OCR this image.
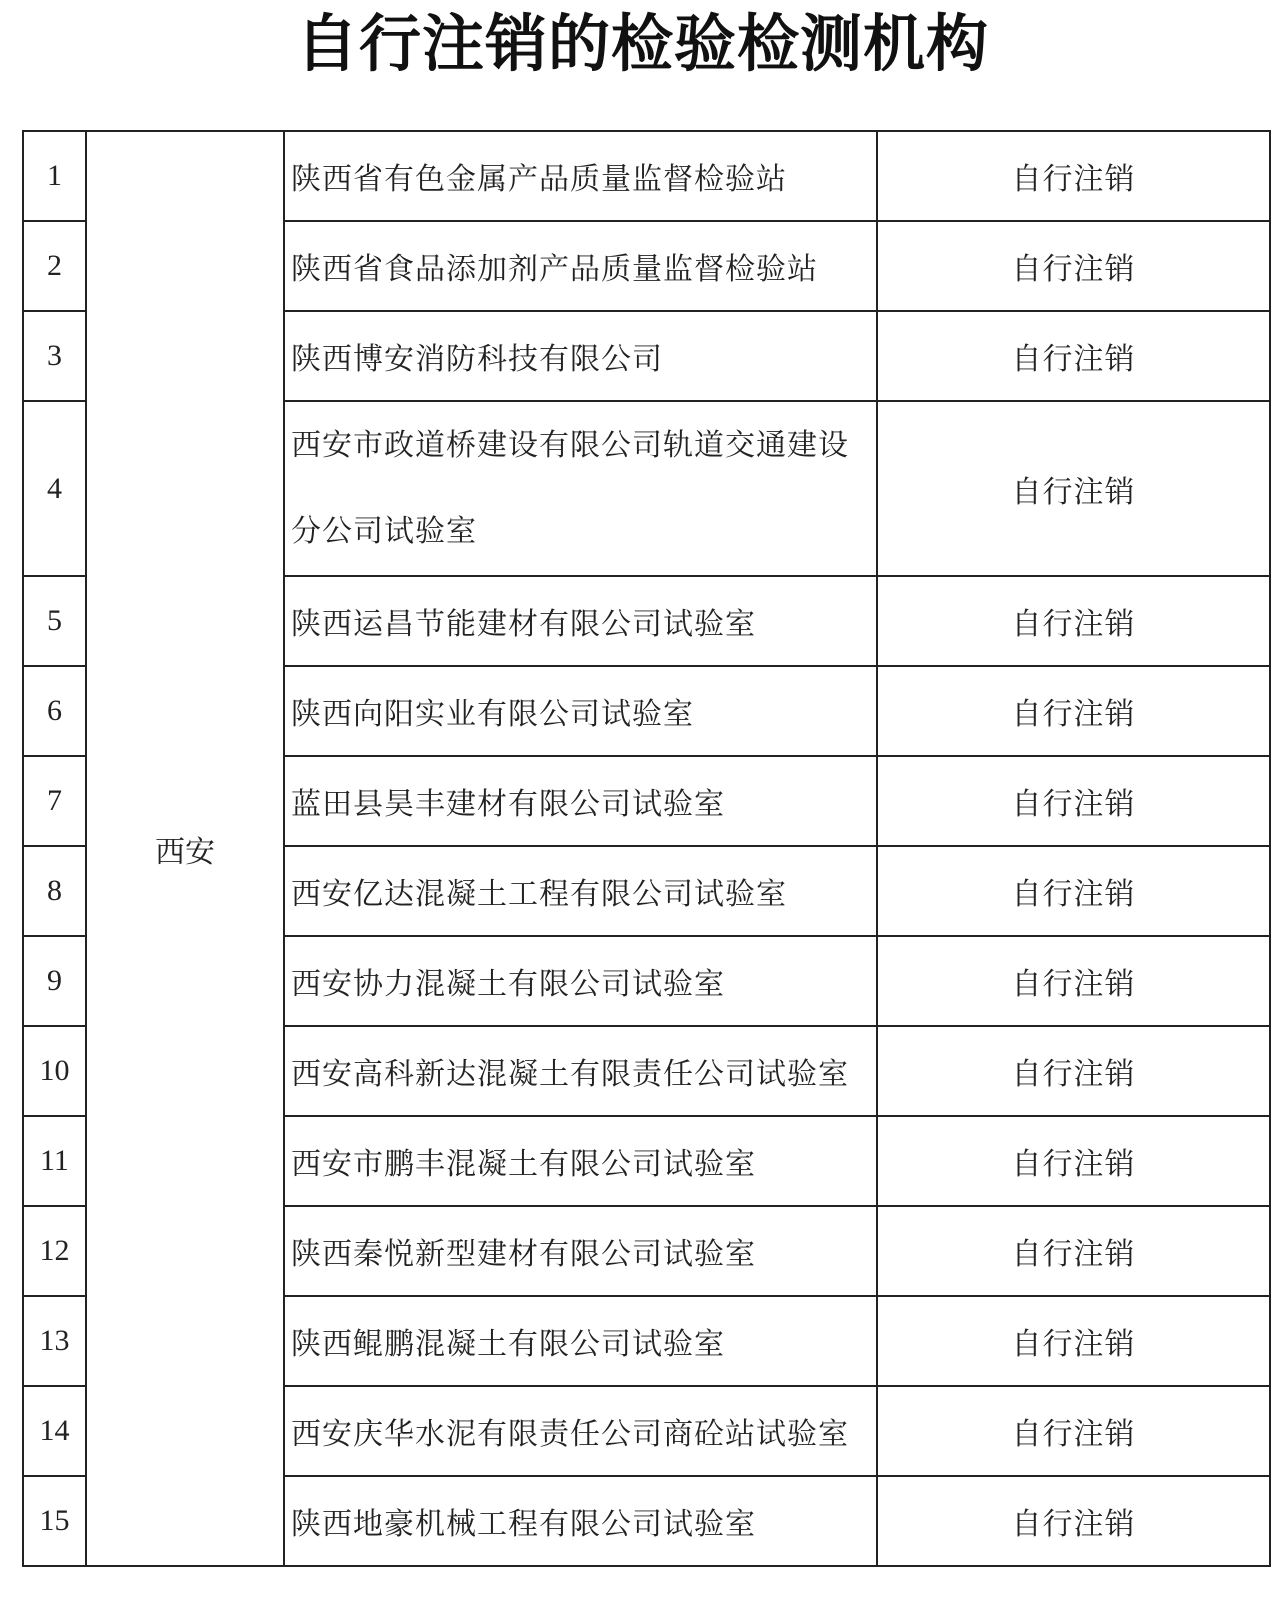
自行注销的检验检测机构
1	西安	陕西省有色金属产品质量监督检验站	自行注销
2		陕西省食品添加剂产品质量监督检验站	自行注销
3		陕西博安消防科技有限公司	自行注销
4		西安市政道桥建设有限公司轨道交通建设分公司试验室	自行注销
5		陕西运昌节能建材有限公司试验室	自行注销
6		陕西向阳实业有限公司试验室	自行注销
7		蓝田县昊丰建材有限公司试验室	自行注销
8		西安亿达混凝土工程有限公司试验室	自行注销
9		西安协力混凝土有限公司试验室	自行注销
10		西安高科新达混凝土有限责任公司试验室	自行注销
11		西安市鹏丰混凝土有限公司试验室	自行注销
12		陕西秦悦新型建材有限公司试验室	自行注销
13		陕西鲲鹏混凝土有限公司试验室	自行注销
14		西安庆华水泥有限责任公司商砼站试验室	自行注销
15		陕西地豪机械工程有限公司试验室	自行注销
